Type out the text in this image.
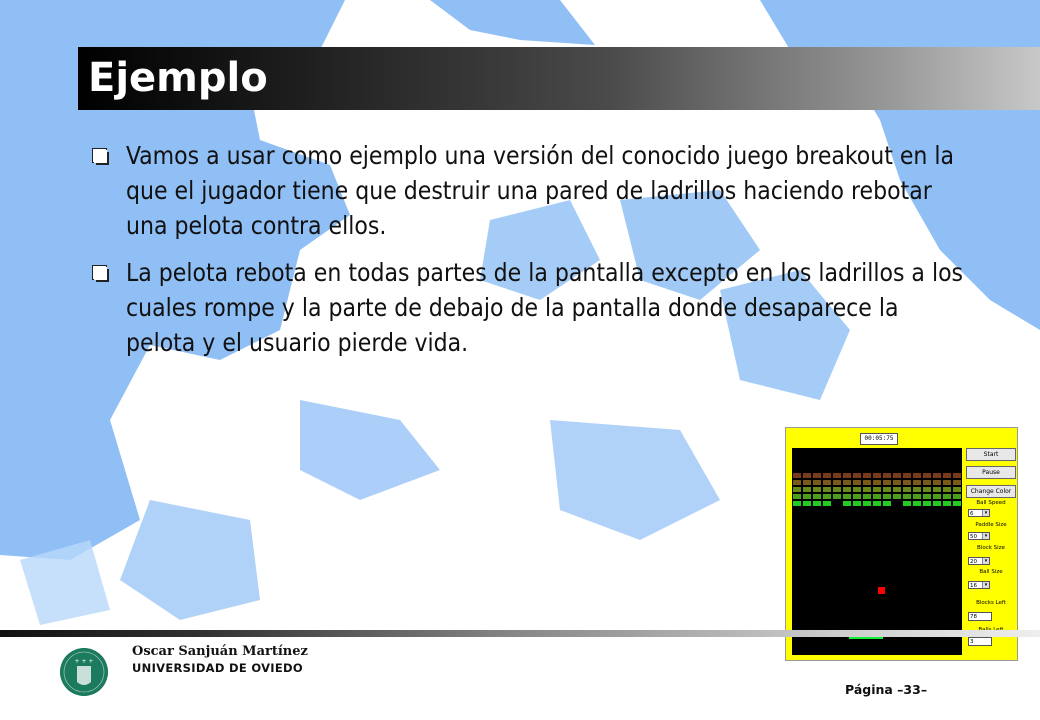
Ejemplo
Vamos a usar como ejemplo una versión del conocido juego breakout en la que el jugador tiene que destruir una pared de ladrillos haciendo rebotar una pelota contra ellos.
La pelota rebota en todas partes de la pantalla excepto en los ladrillos a los cuales rompe y la parte de debajo de la pantalla donde desaparece la pelota y el usuario pierde vida.
00:05:75
Start
Pause
Change Color
Ball Speed
6	▾
Paddle Size
50	▾
Block Size
20	▾
Ball Size
16	▾
Blocks Left
78
3
+ + +
Oscar Sanjuán Martínez
UNIVERSIDAD DE OVIEDO
Página –33–
